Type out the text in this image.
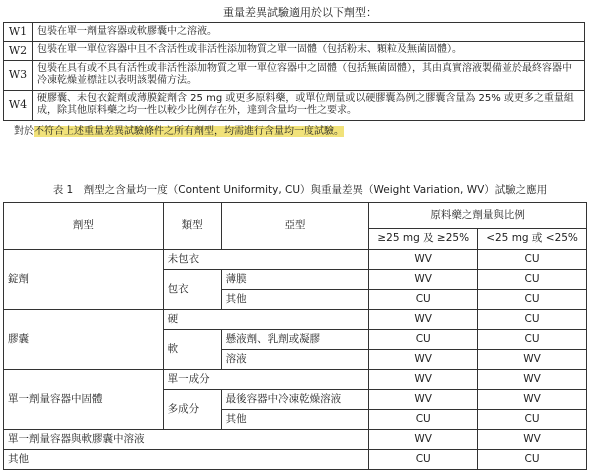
重量差異試驗適用於以下劑型：
W1	包裝在單一劑量容器或軟膠囊中之溶液。
W2	包裝在單一單位容器中且不含活性或非活性添加物質之單一固體（包括粉末、顆粒及無菌固體）。
W3	包裝在具有或不具有活性或非活性添加物質之單一單位容器中之固體（包括無菌固體），其由真實溶液製備並於最終容器中冷凍乾燥並標註以表明該製備方法。
W4	硬膠囊、未包衣錠劑或薄膜錠劑含 25 mg 或更多原料藥，或單位劑量或以硬膠囊為例之膠囊含量為 25% 或更多之重量組成，除其他原料藥之均一性以較少比例存在外，達到含量均一性之要求。
對於不符合上述重量差異試驗條件之所有劑型，均需進行含量均一度試驗。
表 1　劑型之含量均一度（Content Uniformity, CU）與重量差異（Weight Variation, WV）試驗之應用
劑型	類型	亞型	原料藥之劑量與比例	
			≥25 mg 及 ≥25%	<25 mg 或 <25%
錠劑	未包衣		WV	CU
	包衣	薄膜	WV	CU
		其他	CU	CU
膠囊	硬		WV	CU
	軟	懸液劑、乳劑或凝膠	CU	CU
		溶液	WV	WV
單一劑量容器中固體	單一成分		WV	WV
	多成分	最後容器中冷凍乾燥溶液	WV	WV
		其他	CU	CU
單一劑量容器與軟膠囊中溶液			WV	WV
其他			CU	CU
